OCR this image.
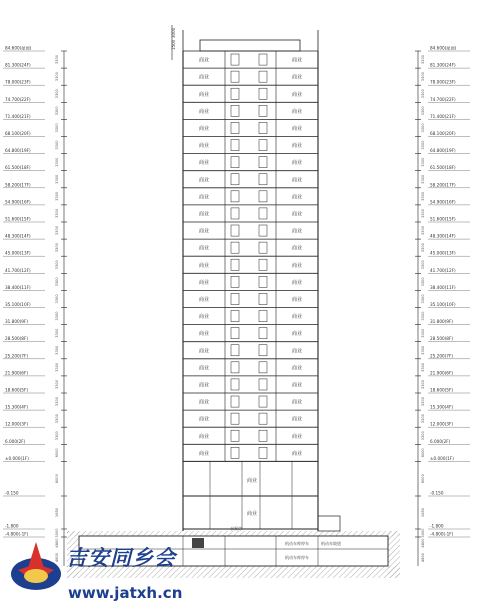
84.600(屋面)
81.300(24F)
78.000(23F)
74.700(22F)
71.400(21F)
68.100(20F)
64.800(19F)
61.500(18F)
58.200(17F)
54.900(16F)
51.600(15F)
48.300(14F)
45.000(13F)
41.700(12F)
38.400(11F)
35.100(10F)
31.800(9F)
28.500(8F)
25.200(7F)
21.900(6F)
18.600(5F)
15.300(4F)
12.000(3F)
6.000(2F)
±0.000(1F)
-0.150
-1.800
-4.800(-1F)
3300
3300
3300
3300
3300
3300
3300
3300
3300
3300
3300
3300
3300
3300
3300
3300
3300
3300
3300
3300
3300
3300
3300
6000
6000
1650
3000
4800
4800
84.600(屋面)
81.300(24F)
78.000(23F)
74.700(22F)
71.400(21F)
68.100(20F)
64.800(19F)
61.500(18F)
58.200(17F)
54.900(16F)
51.600(15F)
48.300(14F)
45.000(13F)
41.700(12F)
38.400(11F)
35.100(10F)
31.800(9F)
28.500(8F)
25.200(7F)
21.900(6F)
18.600(5F)
15.300(4F)
12.000(3F)
6.000(2F)
±0.000(1F)
-0.150
-1.800
-4.800(-1F)
3300
3300
3300
3300
3300
3300
3300
3300
3300
3300
3300
3300
3300
3300
3300
3300
3300
3300
3300
3300
3300
3300
3300
6000
6000
1650
3000
4800
4800
商业	商业
商业	商业
商业	商业
商业	商业
商业	商业
商业	商业
商业	商业
商业	商业
商业	商业
商业	商业
商业	商业
商业	商业
商业	商业
商业	商业
商业	商业
商业	商业
商业	商业
商业	商业
商业	商业
商业	商业
商业	商业
商业	商业
商业	商业
商业	商业
商业
商业
水泵房
机动车库停车
机动车库停车
机动车坡道
1500
3000
吉安同乡会
www.jatxh.cn
